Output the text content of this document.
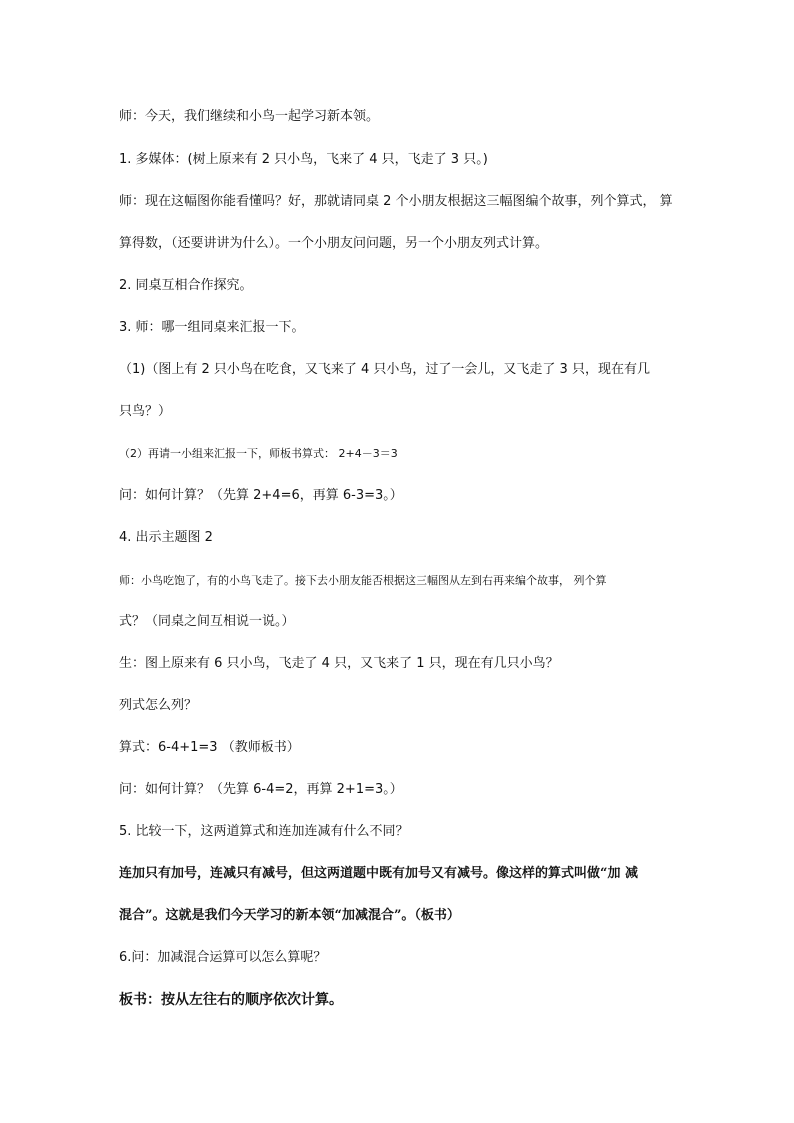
师：今天，我们继续和小鸟一起学习新本领。
1. 多媒体：(树上原来有 2 只小鸟，飞来了 4 只，飞走了 3 只。)
师：现在这幅图你能看懂吗？好，那就请同桌 2 个小朋友根据这三幅图编个故事，列个算式， 算
算得数，（还要讲讲为什么）。一个小朋友问问题，另一个小朋友列式计算。
2. 同桌互相合作探究。
3. 师：哪一组同桌来汇报一下。
（1)（图上有 2 只小鸟在吃食，又飞来了 4 只小鸟，过了一会儿，又飞走了 3 只，现在有几
只鸟？）
（2）再请一小组来汇报一下，师板书算式： 2+4－3＝3
问：如何计算？（先算 2+4=6，再算 6-3=3。）
4. 出示主题图 2
师：小鸟吃饱了，有的小鸟飞走了。接下去小朋友能否根据这三幅图从左到右再来编个故事， 列个算
式？（同桌之间互相说一说。）
生：图上原来有 6 只小鸟，飞走了 4 只，又飞来了 1 只，现在有几只小鸟？
列式怎么列？
算式：6-4+1=3 （教师板书）
问：如何计算？（先算 6-4=2，再算 2+1=3。）
5. 比较一下，这两道算式和连加连减有什么不同？
连加只有加号，连减只有减号，但这两道题中既有加号又有减号。像这样的算式叫做“加 减
混合”。这就是我们今天学习的新本领“加减混合”。（板书）
6.问：加减混合运算可以怎么算呢？
板书：按从左往右的顺序依次计算。
